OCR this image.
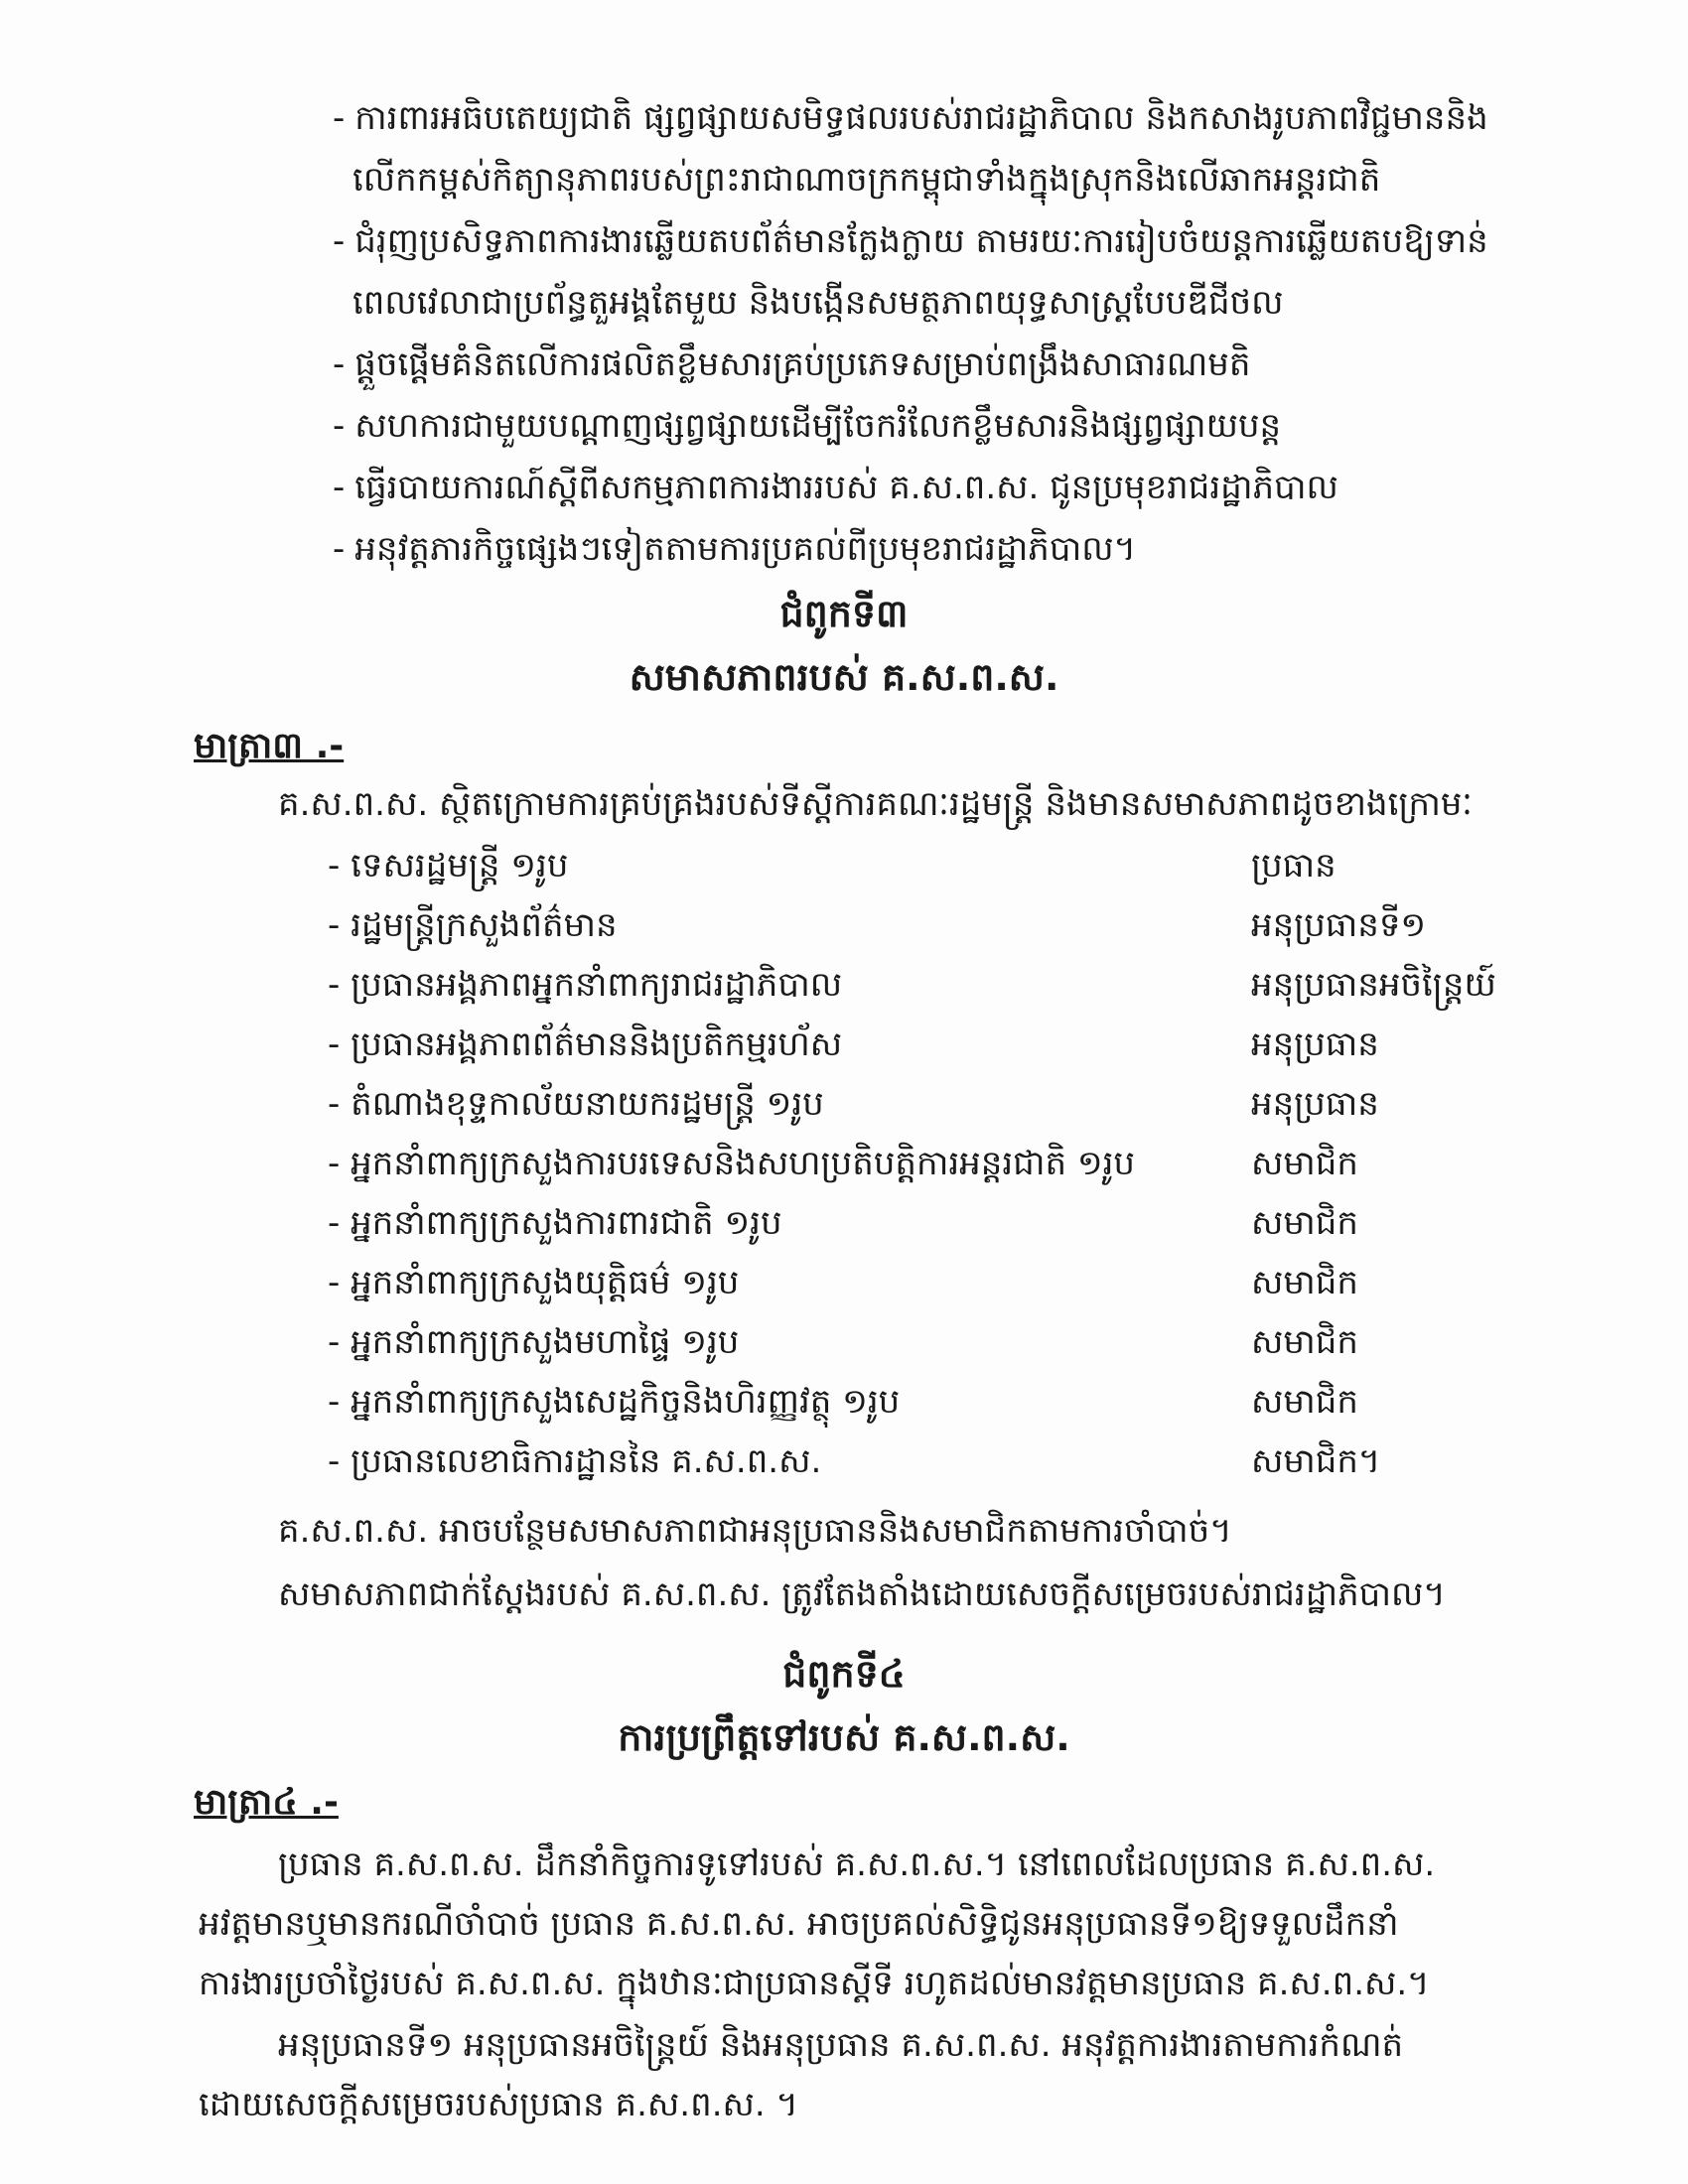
- ការពារអធិបតេយ្យជាតិ ផ្សព្វផ្សាយសមិទ្ធផលរបស់រាជរដ្ឋាភិបាល និងកសាងរូបភាពវិជ្ជមាននិង

លើកកម្ពស់កិត្យានុភាពរបស់ព្រះរាជាណាចក្រកម្ពុជាទាំងក្នុងស្រុកនិងលើឆាកអន្តរជាតិ

- ជំរុញប្រសិទ្ធភាពការងារឆ្លើយតបព័ត៌មានក្លែងក្លាយ តាមរយៈការរៀបចំយន្តការឆ្លើយតបឱ្យទាន់

ពេលវេលាជាប្រព័ន្ធតួអង្គតែមួយ និងបង្កើនសមត្ថភាពយុទ្ធសាស្ត្របែបឌីជីថល

- ផ្តួចផ្តើមគំនិតលើការផលិតខ្លឹមសារគ្រប់ប្រភេទសម្រាប់ពង្រឹងសាធារណមតិ

- សហការជាមួយបណ្តាញផ្សព្វផ្សាយដើម្បីចែករំលែកខ្លឹមសារនិងផ្សព្វផ្សាយបន្ត

- ធ្វើរបាយការណ៍ស្តីពីសកម្មភាពការងាររបស់ គ.ស.ព.ស. ជូនប្រមុខរាជរដ្ឋាភិបាល

- អនុវត្តភារកិច្ចផ្សេងៗទៀតតាមការប្រគល់ពីប្រមុខរាជរដ្ឋាភិបាល។

ជំពូកទី៣
សមាសភាពរបស់ គ.ស.ព.ស.
មាត្រា៣ .-
គ.ស.ព.ស. ស្ថិតក្រោមការគ្រប់គ្រងរបស់ទីស្តីការគណៈរដ្ឋមន្ត្រី និងមានសមាសភាពដូចខាងក្រោមៈ
- ទេសរដ្ឋមន្ត្រី ១រូប	ប្រធាន
- រដ្ឋមន្ត្រីក្រសួងព័ត៌មាន	អនុប្រធានទី១
- ប្រធានអង្គភាពអ្នកនាំពាក្យរាជរដ្ឋាភិបាល	អនុប្រធានអចិន្ត្រៃយ៍
- ប្រធានអង្គភាពព័ត៌មាននិងប្រតិកម្មរហ័ស	អនុប្រធាន
- តំណាងខុទ្ទកាល័យនាយករដ្ឋមន្ត្រី ១រូប	អនុប្រធាន
- អ្នកនាំពាក្យក្រសួងការបរទេសនិងសហប្រតិបត្តិការអន្តរជាតិ ១រូប	សមាជិក
- អ្នកនាំពាក្យក្រសួងការពារជាតិ ១រូប	សមាជិក
- អ្នកនាំពាក្យក្រសួងយុត្តិធម៌ ១រូប	សមាជិក
- អ្នកនាំពាក្យក្រសួងមហាផ្ទៃ ១រូប	សមាជិក
- អ្នកនាំពាក្យក្រសួងសេដ្ឋកិច្ចនិងហិរញ្ញវត្ថុ ១រូប	សមាជិក
- ប្រធានលេខាធិការដ្ឋាននៃ គ.ស.ព.ស.	សមាជិក។
គ.ស.ព.ស. អាចបន្ថែមសមាសភាពជាអនុប្រធាននិងសមាជិកតាមការចាំបាច់។
សមាសភាពជាក់ស្តែងរបស់ គ.ស.ព.ស. ត្រូវតែងតាំងដោយសេចក្តីសម្រេចរបស់រាជរដ្ឋាភិបាល។
ជំពូកទី៤
ការប្រព្រឹត្តទៅរបស់ គ.ស.ព.ស.
មាត្រា៤ .-
ប្រធាន គ.ស.ព.ស. ដឹកនាំកិច្ចការទូទៅរបស់ គ.ស.ព.ស.។ នៅពេលដែលប្រធាន គ.ស.ព.ស.
អវត្តមានឬមានករណីចាំបាច់ ប្រធាន គ.ស.ព.ស. អាចប្រគល់សិទ្ធិជូនអនុប្រធានទី១ឱ្យទទួលដឹកនាំ
ការងារប្រចាំថ្ងៃរបស់ គ.ស.ព.ស. ក្នុងឋានៈជាប្រធានស្តីទី រហូតដល់មានវត្តមានប្រធាន គ.ស.ព.ស.។
អនុប្រធានទី១ អនុប្រធានអចិន្ត្រៃយ៍ និងអនុប្រធាន គ.ស.ព.ស. អនុវត្តការងារតាមការកំណត់
ដោយសេចក្តីសម្រេចរបស់ប្រធាន គ.ស.ព.ស. ។
